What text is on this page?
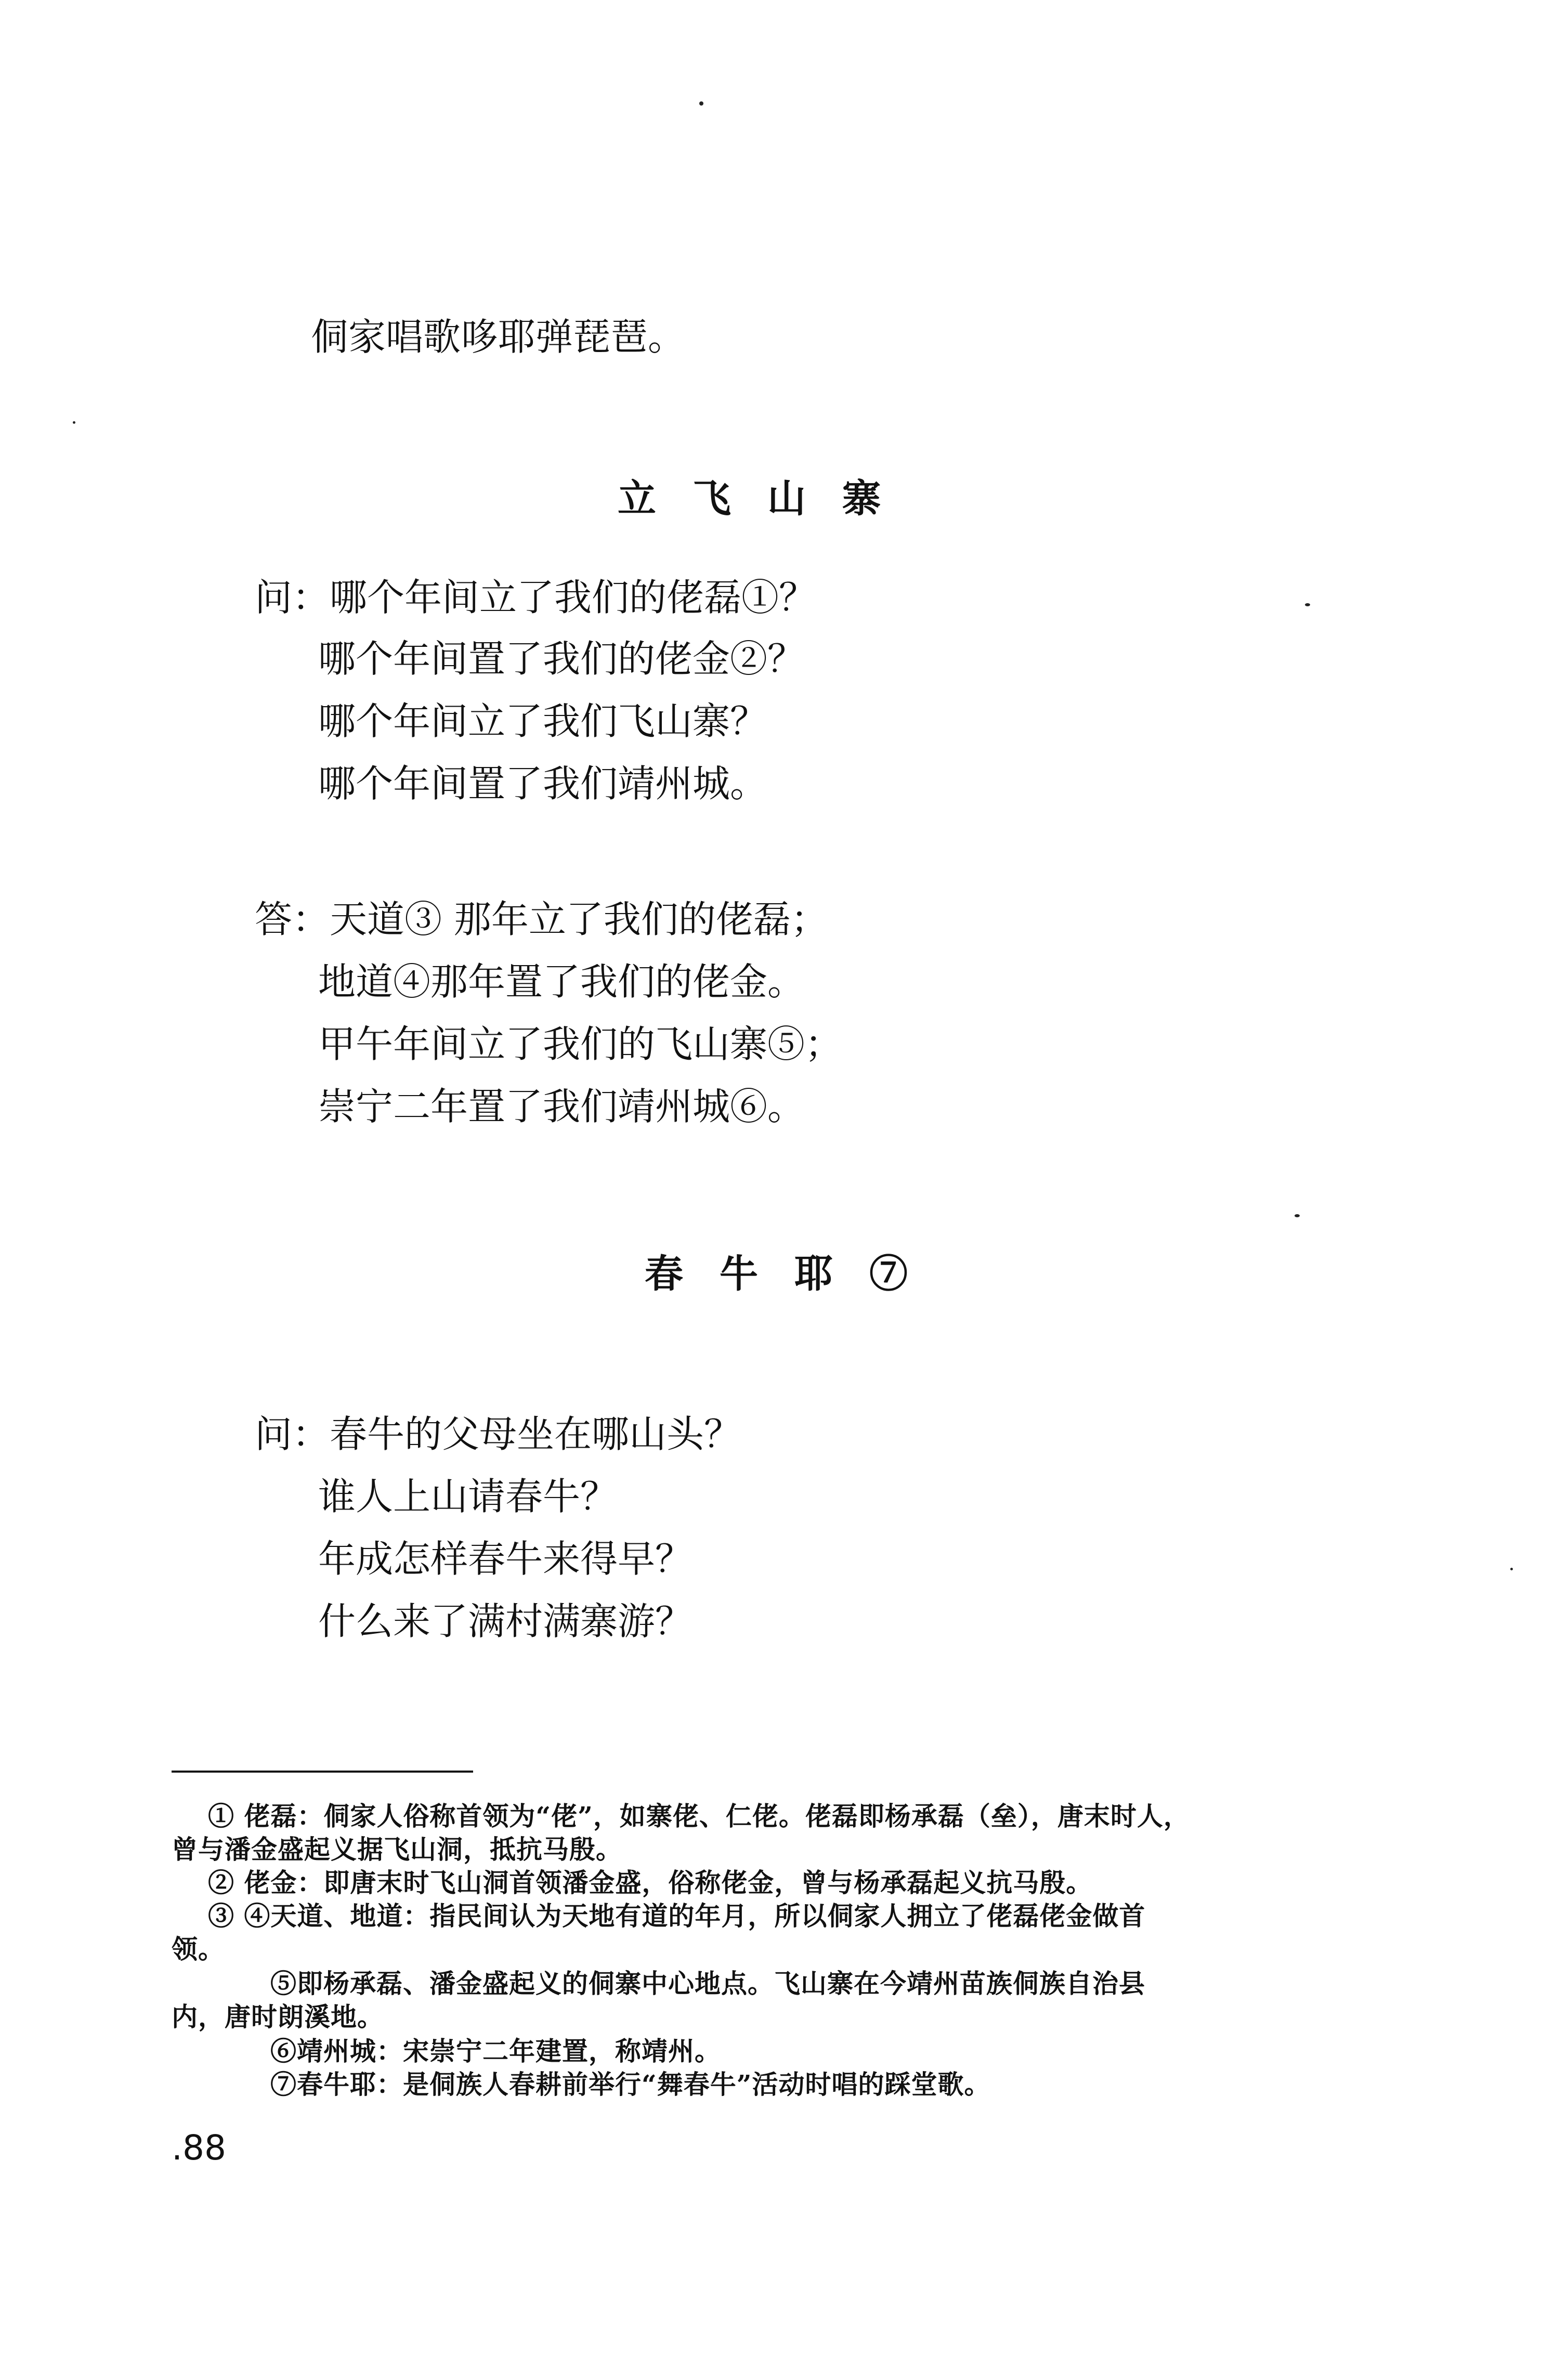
侗家唱歌哆耶弹琵琶。
立飞山寨
问：哪个年间立了我们的佬磊①？
哪个年间置了我们的佬金②？
哪个年间立了我们飞山寨？
哪个年间置了我们靖州城。
答：天道③ 那年立了我们的佬磊；
地道④那年置了我们的佬金。
甲午年间立了我们的飞山寨⑤；
崇宁二年置了我们靖州城⑥。
春牛耶⑦
问：春牛的父母坐在哪山头？
谁人上山请春牛？
年成怎样春牛来得早？
什么来了满村满寨游？
① 佬磊：侗家人俗称首领为“佬”，如寨佬、仁佬。佬磊即杨承磊（垒），唐末时人，
曾与潘金盛起义据飞山洞，抵抗马殷。
② 佬金：即唐末时飞山洞首领潘金盛，俗称佬金，曾与杨承磊起义抗马殷。
③ ④天道、地道：指民间认为天地有道的年月，所以侗家人拥立了佬磊佬金做首
领。
⑤即杨承磊、潘金盛起义的侗寨中心地点。飞山寨在今靖州苗族侗族自治县
内，唐时朗溪地。
⑥靖州城：宋崇宁二年建置，称靖州。
⑦春牛耶：是侗族人春耕前举行“舞春牛”活动时唱的踩堂歌。
.88
